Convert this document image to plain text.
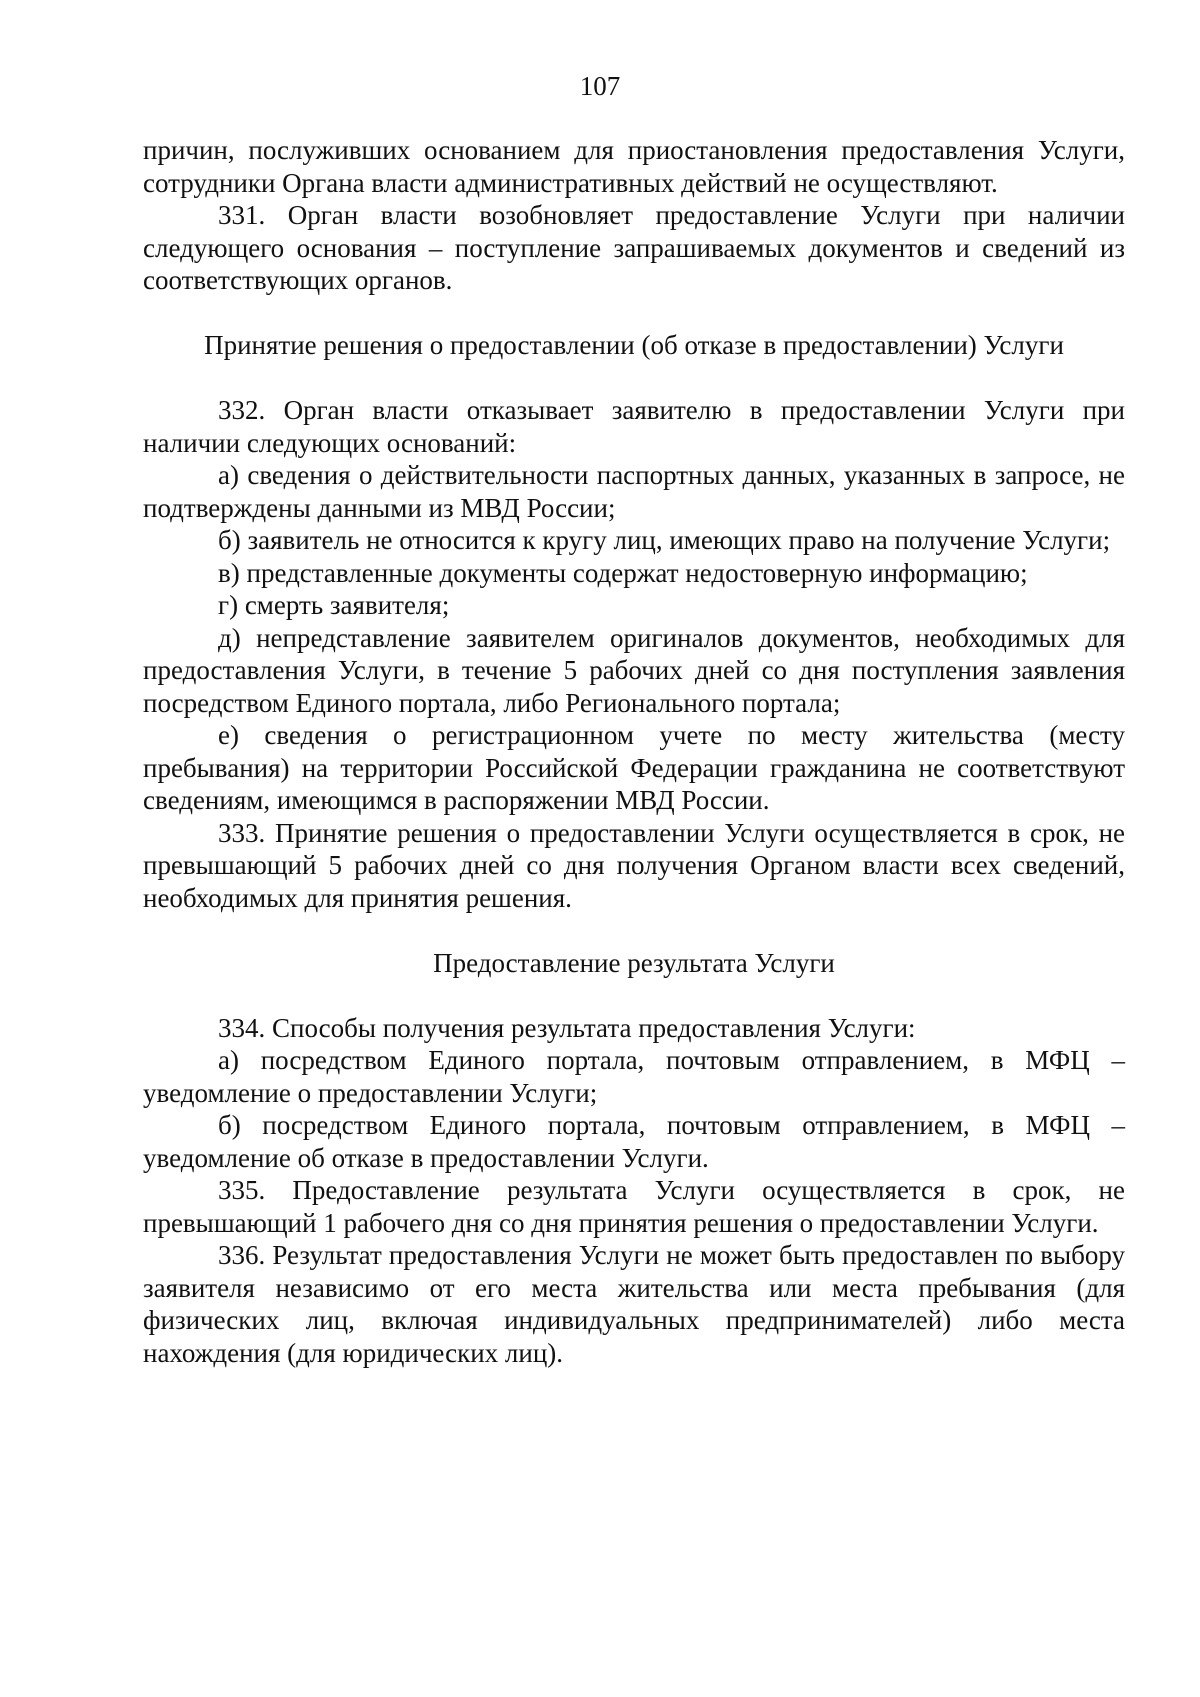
107

причин, послуживших основанием для приостановления предоставления Услуги, сотрудники Органа власти административных действий не осуществляют.

331. Орган власти возобновляет предоставление Услуги при наличии следующего основания – поступление запрашиваемых документов и сведений из соответствующих органов.

Принятие решения о предоставлении (об отказе в предоставлении) Услуги

332. Орган власти отказывает заявителю в предоставлении Услуги при наличии следующих оснований:

а) сведения о действительности паспортных данных, указанных в запросе, не подтверждены данными из МВД России;

б) заявитель не относится к кругу лиц, имеющих право на получение Услуги;

в) представленные документы содержат недостоверную информацию;

г) смерть заявителя;

д) непредставление заявителем оригиналов документов, необходимых для предоставления Услуги, в течение 5 рабочих дней со дня поступления заявления посредством Единого портала, либо Регионального портала;

е) сведения о регистрационном учете по месту жительства (месту пребывания) на территории Российской Федерации гражданина не соответствуют сведениям, имеющимся в распоряжении МВД России.

333. Принятие решения о предоставлении Услуги осуществляется в срок, не превышающий 5 рабочих дней со дня получения Органом власти всех сведений, необходимых для принятия решения.

Предоставление результата Услуги

334. Способы получения результата предоставления Услуги:

а) посредством Единого портала, почтовым отправлением, в МФЦ – уведомление о предоставлении Услуги;

б) посредством Единого портала, почтовым отправлением, в МФЦ – уведомление об отказе в предоставлении Услуги.

335. Предоставление результата Услуги осуществляется в срок, не превышающий 1 рабочего дня со дня принятия решения о предоставлении Услуги.

336. Результат предоставления Услуги не может быть предоставлен по выбору заявителя независимо от его места жительства или места пребывания (для физических лиц, включая индивидуальных предпринимателей) либо места нахождения (для юридических лиц).
